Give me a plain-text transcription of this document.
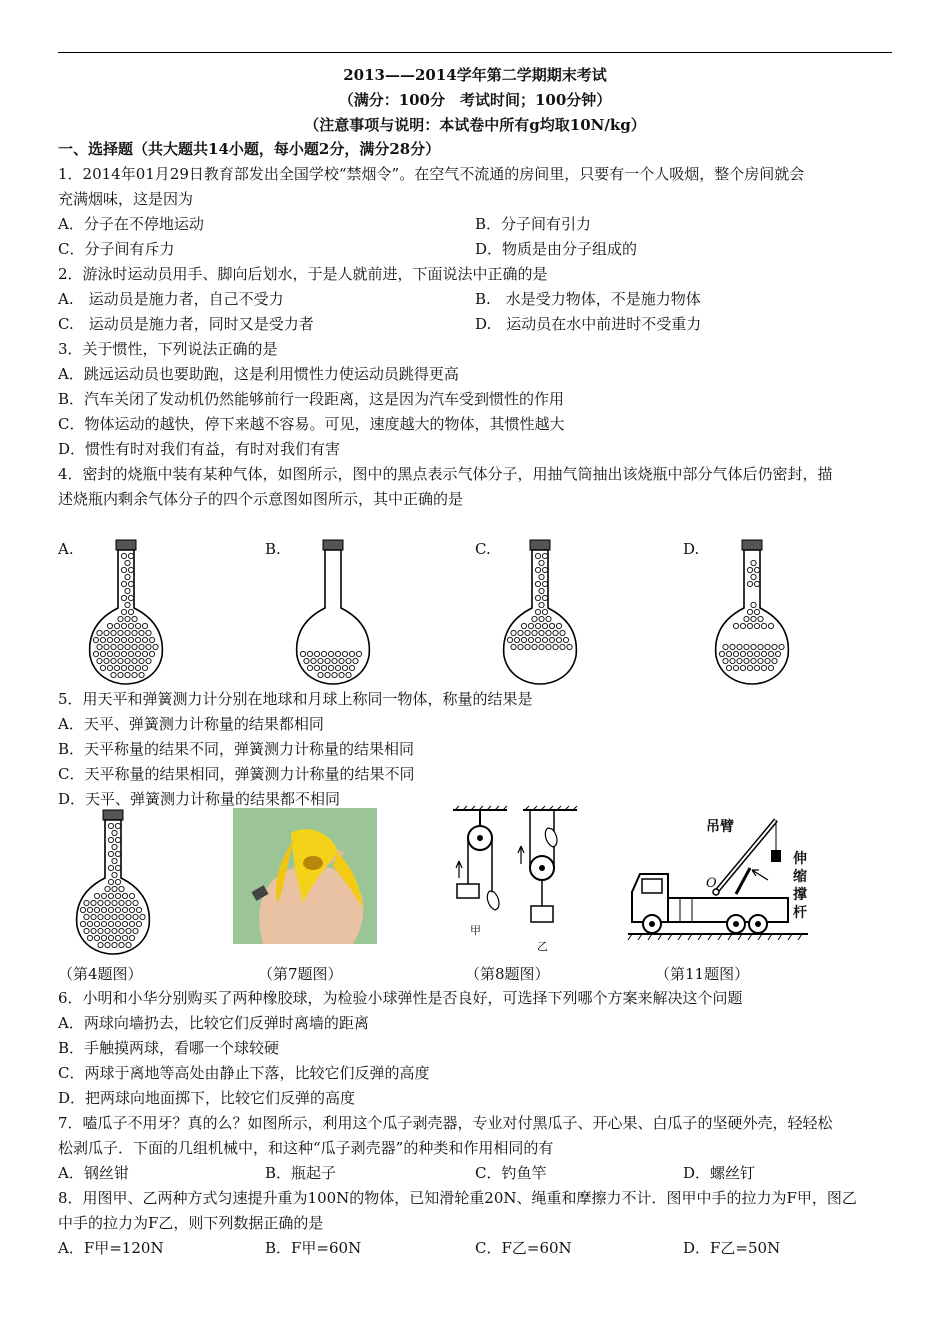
2013——2014学年第二学期期末考试
（满分：100分　考试时间；100分钟）
（注意事项与说明：本试卷中所有g均取10N/kg）
一、选择题（共大题共14小题，每小题2分，满分28分）
1．2014年01月29日教育部发出全国学校“禁烟令”。在空气不流通的房间里，只要有一个人吸烟，整个房间就会
充满烟味，这是因为
A．分子在不停地运动	B．分子间有引力
C．分子间有斥力	D．物质是由分子组成的
2．游泳时运动员用手、脚向后划水，于是人就前进，下面说法中正确的是
A.　运动员是施力者，自己不受力	B.　水是受力物体，不是施力物体
C.　运动员是施力者，同时又是受力者	D.　运动员在水中前进时不受重力
3．关于惯性，下列说法正确的是
A．跳远运动员也要助跑，这是利用惯性力使运动员跳得更高
B．汽车关闭了发动机仍然能够前行一段距离，这是因为汽车受到惯性的作用
C．物体运动的越快，停下来越不容易。可见，速度越大的物体，其惯性越大
D．惯性有时对我们有益，有时对我们有害
4．密封的烧瓶中装有某种气体，如图所示，图中的黑点表示气体分子，用抽气筒抽出该烧瓶中部分气体后仍密封，描
述烧瓶内剩余气体分子的四个示意图如图所示，其中正确的是
A.	B.	C.	D.
5．用天平和弹簧测力计分别在地球和月球上称同一物体，称量的结果是
A．天平、弹簧测力计称量的结果都相同
B．天平称量的结果不同，弹簧测力计称量的结果相同
C．天平称量的结果相同，弹簧测力计称量的结果不同
D．天平、弹簧测力计称量的结果都不相同
甲
乙
吊臂
O
伸
缩
撑
杆
（第4题图）	（第7题图）	（第8题图）	（第11题图）
6．小明和小华分别购买了两种橡胶球，为检验小球弹性是否良好，可选择下列哪个方案来解决这个问题
A．两球向墙扔去，比较它们反弹时离墙的距离
B．手触摸两球，看哪一个球较硬
C．两球于离地等高处由静止下落，比较它们反弹的高度
D．把两球向地面掷下，比较它们反弹的高度
7．嗑瓜子不用牙？真的么？如图所示，利用这个瓜子剥壳器，专业对付黑瓜子、开心果、白瓜子的坚硬外壳，轻轻松
松剥瓜子．下面的几组机械中，和这种“瓜子剥壳器”的种类和作用相同的有
A．钢丝钳	B．瓶起子	C．钓鱼竿	D．螺丝钉
8．用图甲、乙两种方式匀速提升重为100N的物体，已知滑轮重20N、绳重和摩擦力不计．图甲中手的拉力为F甲，图乙
中手的拉力为F乙，则下列数据正确的是
A．F甲=120N	B．F甲=60N	C．F乙=60N	D．F乙=50N
